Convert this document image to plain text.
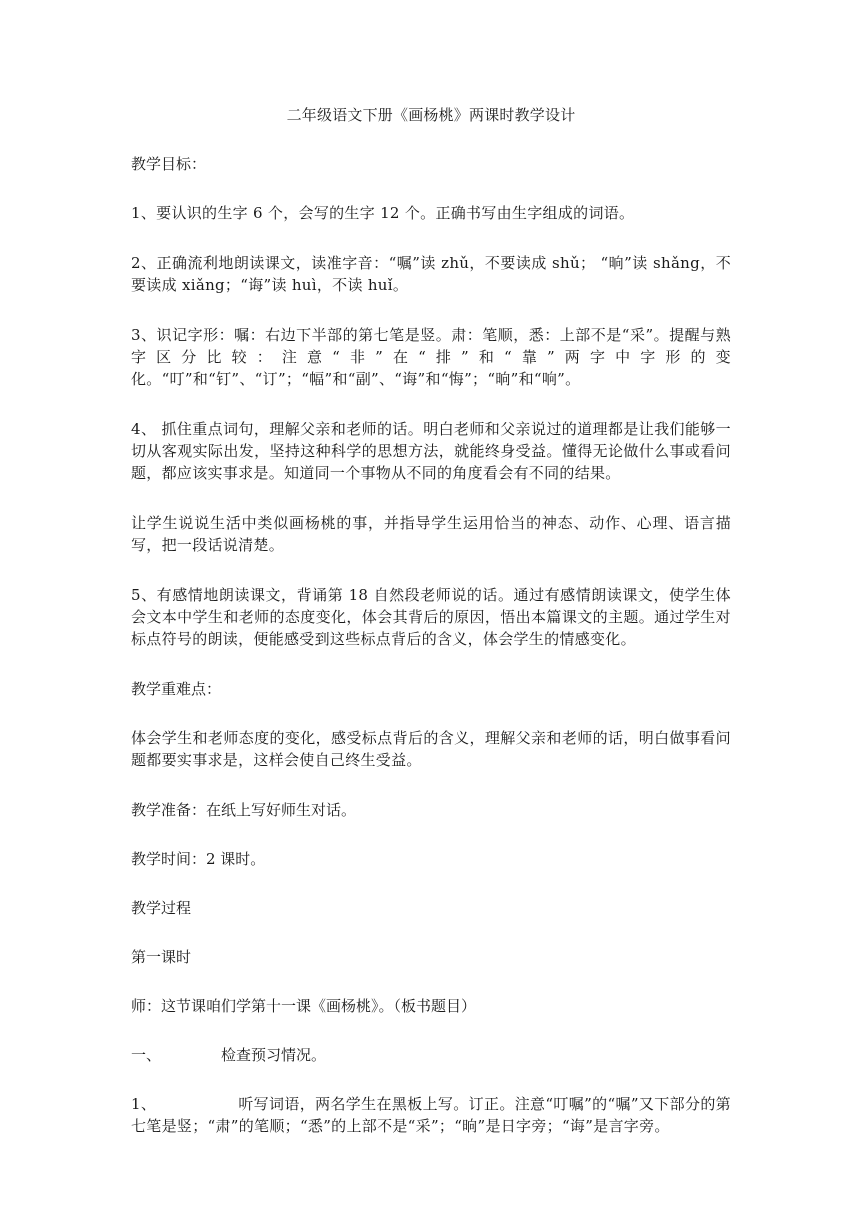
二年级语文下册《画杨桃》两课时教学设计

教学目标：

1、要认识的生字 6 个，会写的生字 12 个。正确书写由生字组成的词语。

2、正确流利地朗读课文，读准字音：“嘱”读 zhǔ，不要读成 shǔ； “晌”读 shǎng，不要读成 xiǎng；“诲”读 huì，不读 huǐ。

3、识记字形：嘱：右边下半部的第七笔是竖。肃：笔顺，悉：上部不是“采”。提醒与熟字区分比较：注意“非”在“排”和“靠”两字中字形的变化。“叮”和“钉”、“订”；“幅”和“副”、“诲”和“悔”；“晌”和“响”。

4、 抓住重点词句，理解父亲和老师的话。明白老师和父亲说过的道理都是让我们能够一切从客观实际出发，坚持这种科学的思想方法，就能终身受益。懂得无论做什么事或看问题，都应该实事求是。知道同一个事物从不同的角度看会有不同的结果。

让学生说说生活中类似画杨桃的事，并指导学生运用恰当的神态、动作、心理、语言描写，把一段话说清楚。

5、有感情地朗读课文，背诵第 18 自然段老师说的话。通过有感情朗读课文，使学生体会文本中学生和老师的态度变化，体会其背后的原因，悟出本篇课文的主题。通过学生对标点符号的朗读，便能感受到这些标点背后的含义，体会学生的情感变化。

教学重难点：

体会学生和老师态度的变化，感受标点背后的含义，理解父亲和老师的话，明白做事看问题都要实事求是，这样会使自己终生受益。

教学准备：在纸上写好师生对话。

教学时间：2 课时。

教学过程

第一课时

师：这节课咱们学第十一课《画杨桃》。（板书题目）

一、	检查预习情况。

1、	听写词语，两名学生在黑板上写。订正。注意“叮嘱”的“嘱”又下部分的第七笔是竖；“肃”的笔顺；“悉”的上部不是“采”；“晌”是日字旁；“诲”是言字旁。
